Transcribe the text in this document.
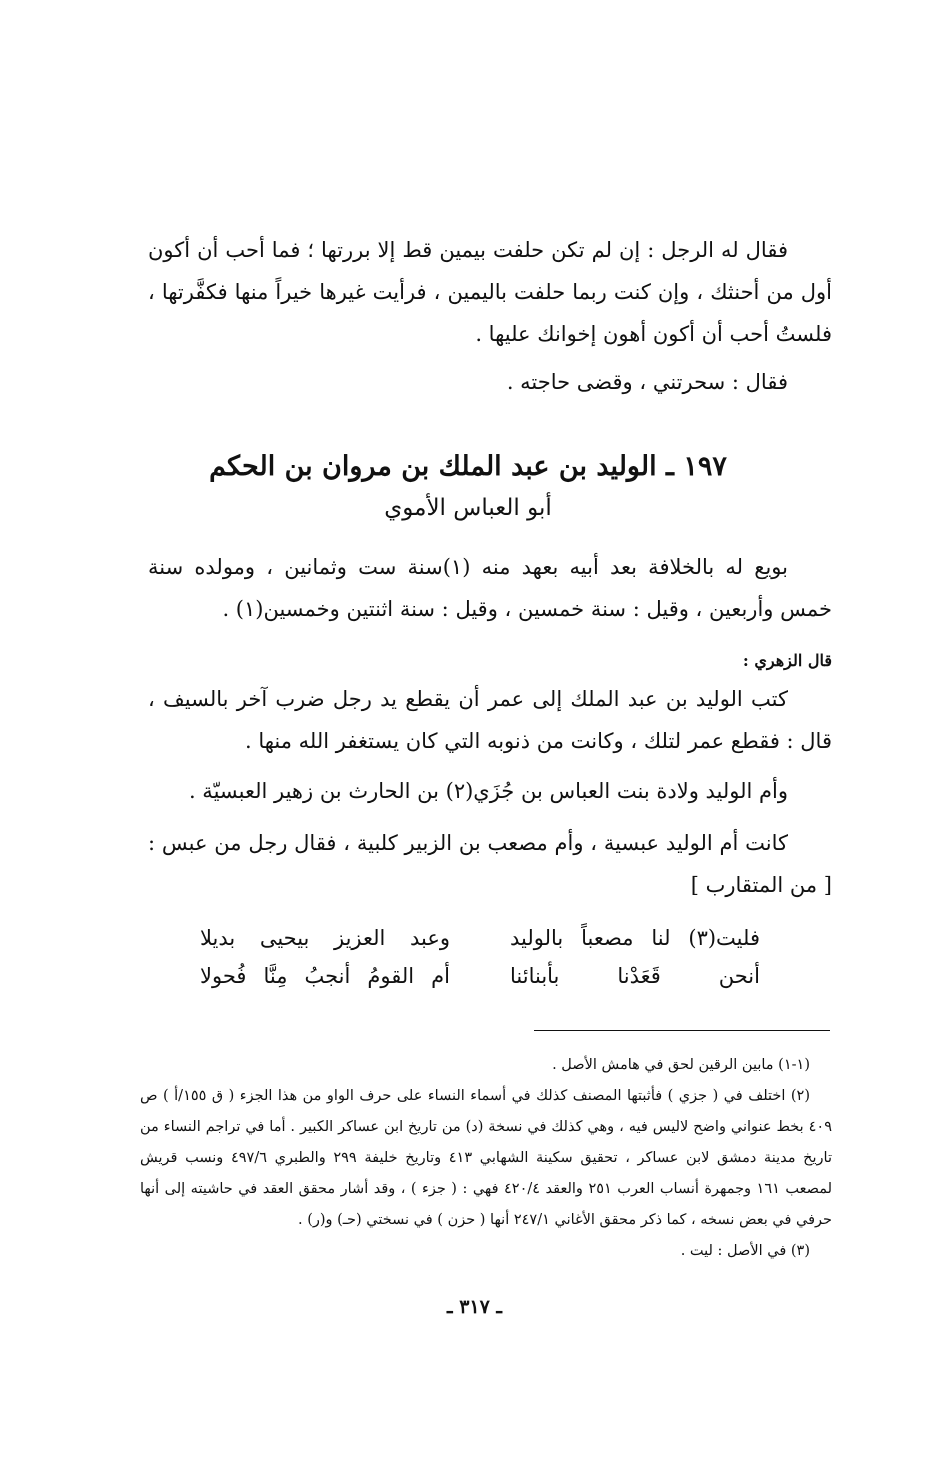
فقال له الرجل : إن لم تكن حلفت بيمين قط إلا بررتها ؛ فما أحب أن أكون أول من أحنثك ، وإن كنت ربما حلفت باليمين ، فرأيت غيرها خيراً منها فكفَّرتها ، فلستُ أحب أن أكون أهون إخوانك عليها .

فقال : سحرتني ، وقضى حاجته .

١٩٧ ـ الوليد بن عبد الملك بن مروان بن الحكم
أبو العباس الأموي

بويع له بالخلافة بعد أبيه بعهد منه (١)سنة ست وثمانين ، ومولده سنة خمس وأربعين ، وقيل : سنة خمسين ، وقيل : سنة اثنتين وخمسين(١) .

قال الزهري :

كتب الوليد بن عبد الملك إلى عمر أن يقطع يد رجل ضرب آخر بالسيف ، قال : فقطع عمر لتلك ، وكانت من ذنوبه التي كان يستغفر الله منها .

وأم الوليد ولادة بنت العباس بن جُزَي(٢) بن الحارث بن زهير العبسيّة .

كانت أم الوليد عبسية ، وأم مصعب بن الزبير كلبية ، فقال رجل من عبس : [ من المتقارب ]

فليت(٣) لنا مصعباً بالوليد
وعبد العزيز بيحيى بديلا
أنحن قَعَدْنا بأبنائنا
أم القومُ أنجبُ مِنَّا فُحولا

(١-١) مابين الرقين لحق في هامش الأصل .

(٢) اختلف في ( جزي ) فأثبتها المصنف كذلك في أسماء النساء على حرف الواو من هذا الجزء ( ق ١٥٥/أ ) ص ٤٠٩ بخط عنواني واضح لاليس فيه ، وهي كذلك في نسخة (د) من تاريخ ابن عساكر الكبير . أما في تراجم النساء من تاريخ مدينة دمشق لابن عساكر ، تحقيق سكينة الشهابي ٤١٣ وتاريخ خليفة ٢٩٩ والطبري ٤٩٧/٦ ونسب قريش لمصعب ١٦١ وجمهرة أنساب العرب ٢٥١ والعقد ٤٢٠/٤ فهي : ( جزء ) ، وقد أشار محقق العقد في حاشيته إلى أنها حرفي في بعض نسخه ، كما ذكر محقق الأغاني ٢٤٧/١ أنها ( حزن ) في نسختي (حـ) و(ر) .

(٣) في الأصل : ليت .

ـ ٣١٧ ـ
